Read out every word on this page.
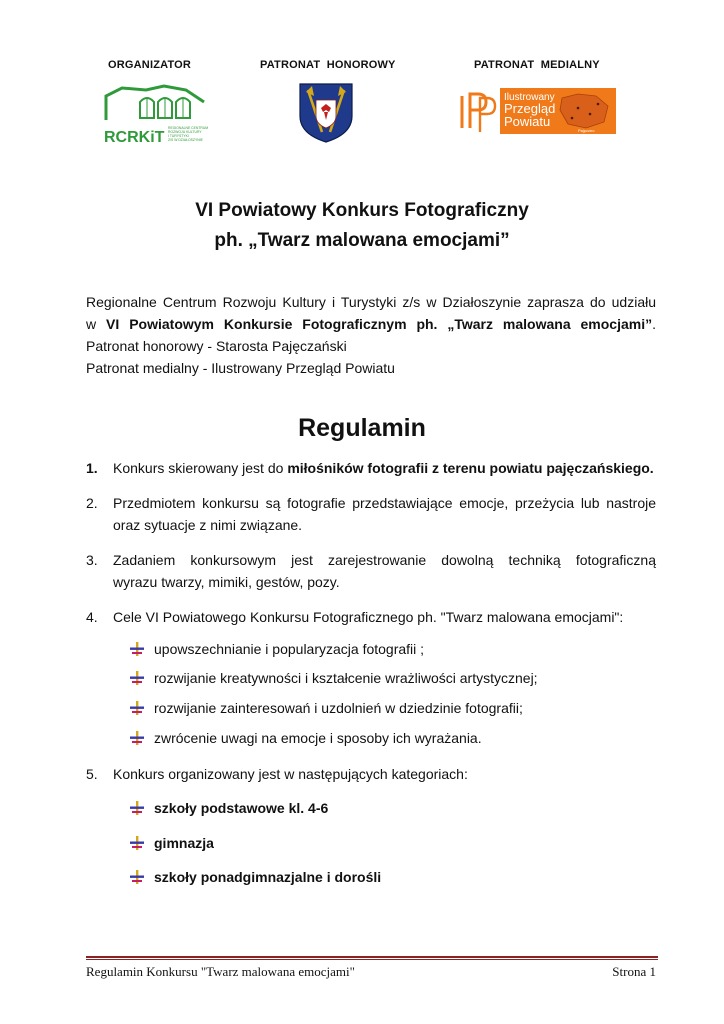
ORGANIZATOR	PATRONAT  HONOROWY	PATRONAT  MEDIALNY
RCRKiT
REGIONALNE CENTRUM
ROZWOJU KULTURY
I TURYSTYKI
Z/S W DZIAŁOSZYNIE
Ilustrowany
Przegląd
Powiatu
Pajęczno
VI Powiatowy Konkurs Fotograficzny
ph. „Twarz malowana emocjami”
Regionalne Centrum Rozwoju Kultury i Turystyki z/s w Działoszynie zaprasza do udziału
w VI Powiatowym Konkursie Fotograficznym ph. „Twarz malowana emocjami”.
Patronat honorowy - Starosta Pajęczański
Patronat medialny - Ilustrowany Przegląd Powiatu
Regulamin
1.	Konkurs skierowany jest do miłośników fotografii z terenu powiatu pajęczańskiego.
2.	Przedmiotem konkursu są fotografie przedstawiające emocje, przeżycia lub nastroje
oraz sytuacje z nimi związane.
3.	Zadaniem konkursowym jest zarejestrowanie dowolną techniką fotograficzną
wyrazu twarzy, mimiki, gestów, pozy.
4.	Cele VI Powiatowego Konkursu Fotograficznego ph. "Twarz malowana emocjami":
upowszechnianie i popularyzacja fotografii ;
rozwijanie kreatywności i kształcenie wrażliwości artystycznej;
rozwijanie zainteresowań i uzdolnień w dziedzinie fotografii;
zwrócenie uwagi na emocje i sposoby ich wyrażania.
5.	Konkurs organizowany jest w następujących kategoriach:
szkoły podstawowe kl. 4-6
gimnazja
szkoły ponadgimnazjalne i dorośli
Regulamin Konkursu "Twarz malowana emocjami"	Strona 1
